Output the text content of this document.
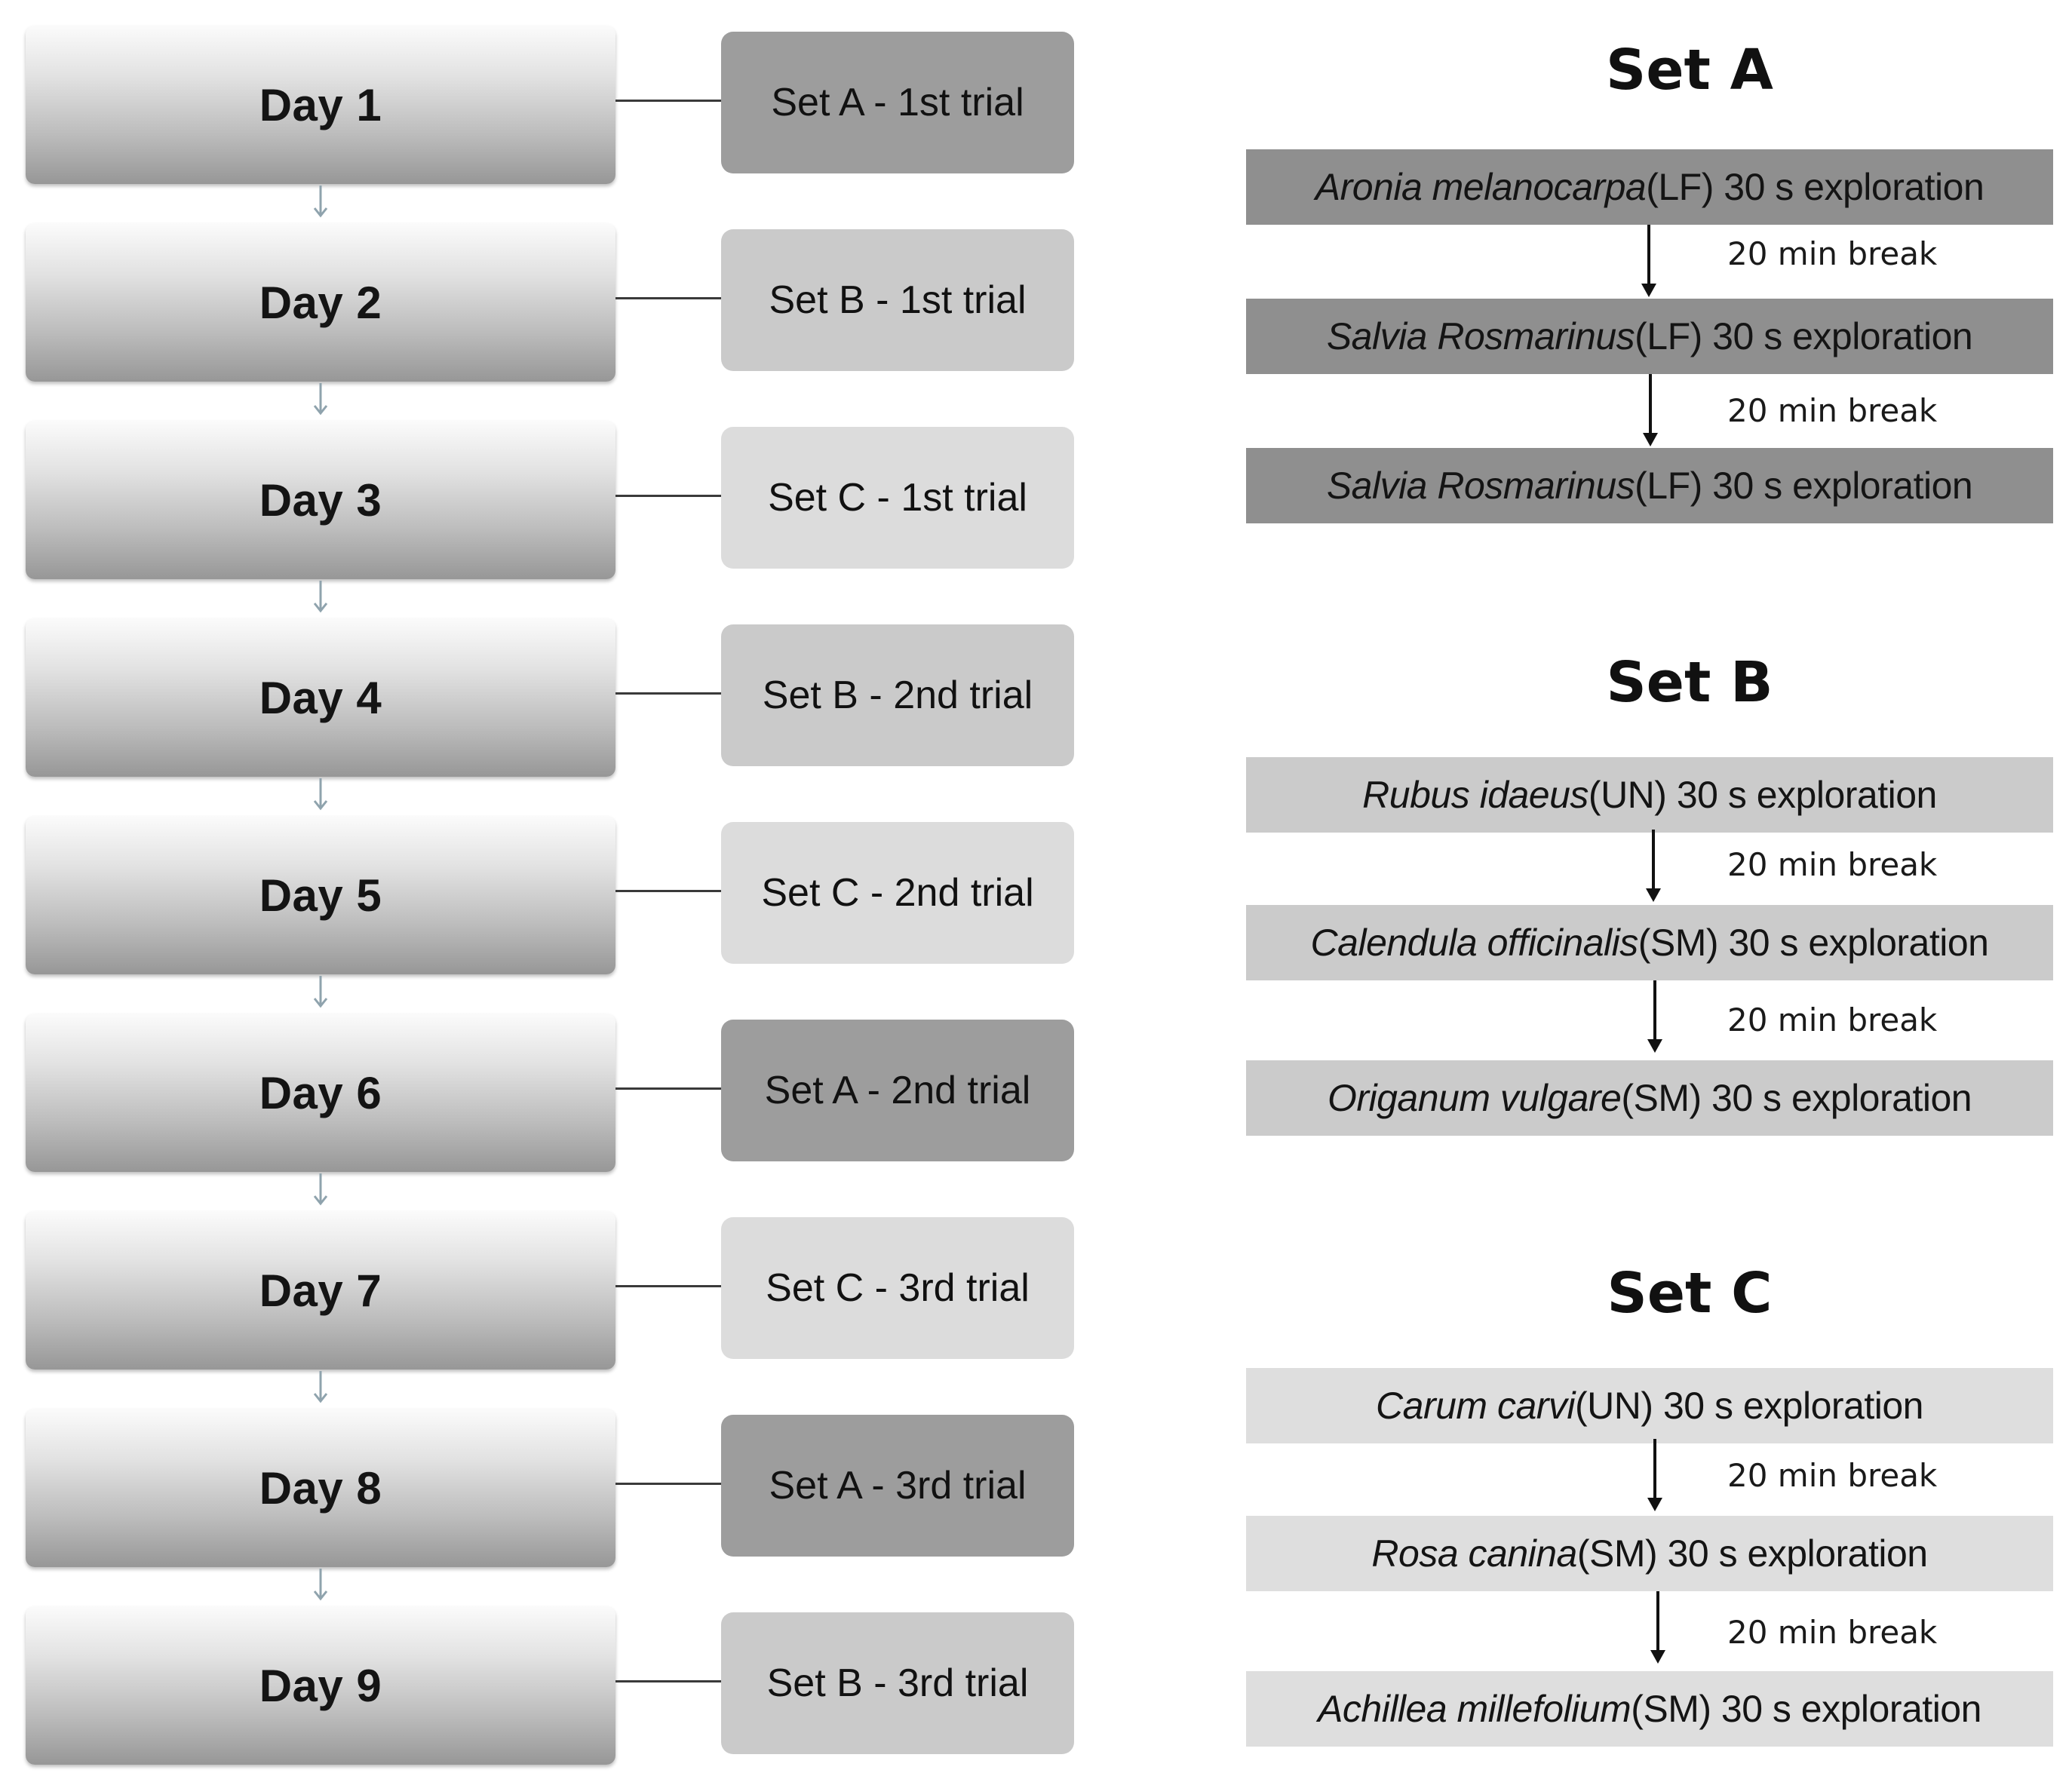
Day 1	Set A - 1st trial
Day 2	Set B - 1st trial
Day 3	Set C - 1st trial
Day 4	Set B - 2nd trial
Day 5	Set C - 2nd trial
Day 6	Set A - 2nd trial
Day 7	Set C - 3rd trial
Day 8	Set A - 3rd trial
Day 9	Set B - 3rd trial
Set A
Aronia melanocarpa (LF) 30 s exploration
20 min break
Salvia Rosmarinus (LF) 30 s exploration
20 min break
Salvia Rosmarinus (LF) 30 s exploration
Set B
Rubus idaeus (UN) 30 s exploration
20 min break
Calendula officinalis (SM) 30 s exploration
20 min break
Origanum vulgare (SM) 30 s exploration
Set C
Carum carvi (UN) 30 s exploration
20 min break
Rosa canina (SM) 30 s exploration
20 min break
Achillea millefolium (SM) 30 s exploration
